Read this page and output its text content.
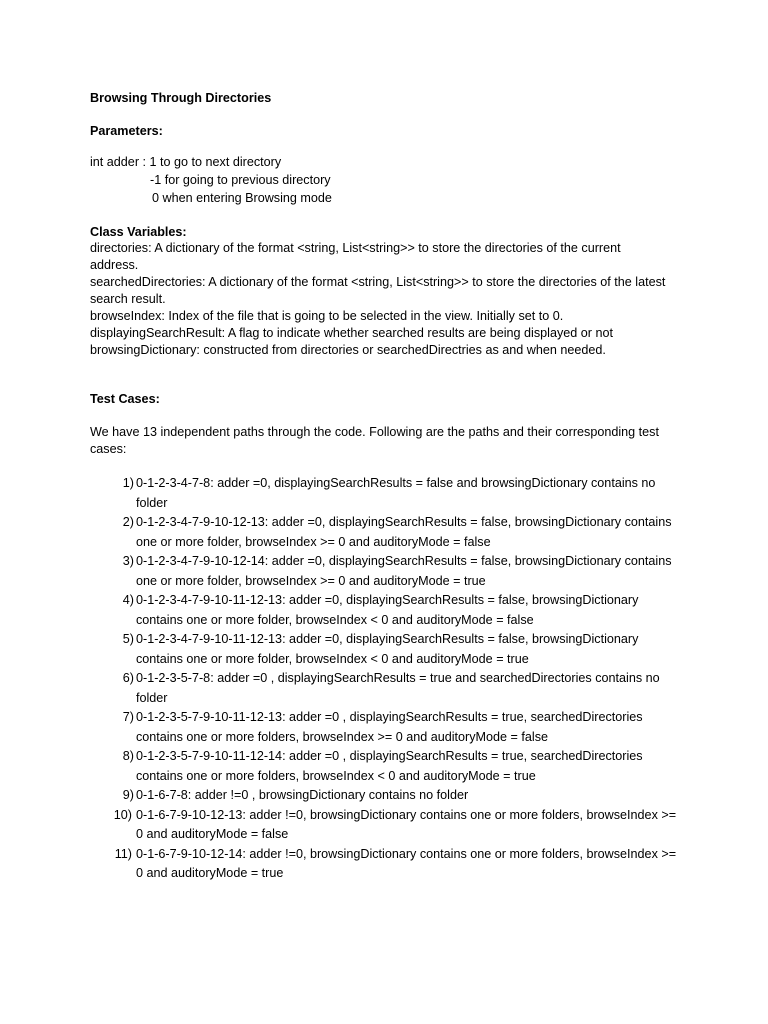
Browsing Through Directories
Parameters:
int adder : 1 to go to next directory
-1 for going to previous directory
0 when entering Browsing mode
Class Variables:
directories: A dictionary of the format <string, List<string>> to store the directories of the current address.
searchedDirectories: A dictionary of the format <string, List<string>> to store the directories of the latest search result.
browseIndex: Index of the file that is going to be selected in the view. Initially set to 0.
displayingSearchResult: A flag to indicate whether searched results are being displayed or not
browsingDictionary: constructed from directories or searchedDirectries as and when needed.
Test Cases:
We have 13 independent paths through the code. Following are the paths and their corresponding test cases:
1) 0-1-2-3-4-7-8: adder =0, displayingSearchResults = false and browsingDictionary contains no folder
2) 0-1-2-3-4-7-9-10-12-13: adder =0, displayingSearchResults = false, browsingDictionary contains one or more folder, browseIndex >= 0 and auditoryMode = false
3) 0-1-2-3-4-7-9-10-12-14: adder =0, displayingSearchResults = false, browsingDictionary contains one or more folder, browseIndex >= 0 and auditoryMode = true
4) 0-1-2-3-4-7-9-10-11-12-13: adder =0, displayingSearchResults = false, browsingDictionary contains one or more folder, browseIndex < 0 and auditoryMode = false
5) 0-1-2-3-4-7-9-10-11-12-13: adder =0, displayingSearchResults = false, browsingDictionary contains one or more folder, browseIndex < 0 and auditoryMode = true
6) 0-1-2-3-5-7-8: adder =0 , displayingSearchResults = true and searchedDirectories contains no folder
7) 0-1-2-3-5-7-9-10-11-12-13: adder =0 , displayingSearchResults = true, searchedDirectories contains one or more folders, browseIndex >= 0 and auditoryMode = false
8) 0-1-2-3-5-7-9-10-11-12-14: adder =0 , displayingSearchResults = true, searchedDirectories contains one or more folders, browseIndex < 0 and auditoryMode = true
9) 0-1-6-7-8: adder !=0 , browsingDictionary contains no folder
10) 0-1-6-7-9-10-12-13: adder !=0, browsingDictionary contains one or more folders, browseIndex >= 0 and auditoryMode = false
11) 0-1-6-7-9-10-12-14: adder !=0, browsingDictionary contains one or more folders, browseIndex >= 0 and auditoryMode = true
